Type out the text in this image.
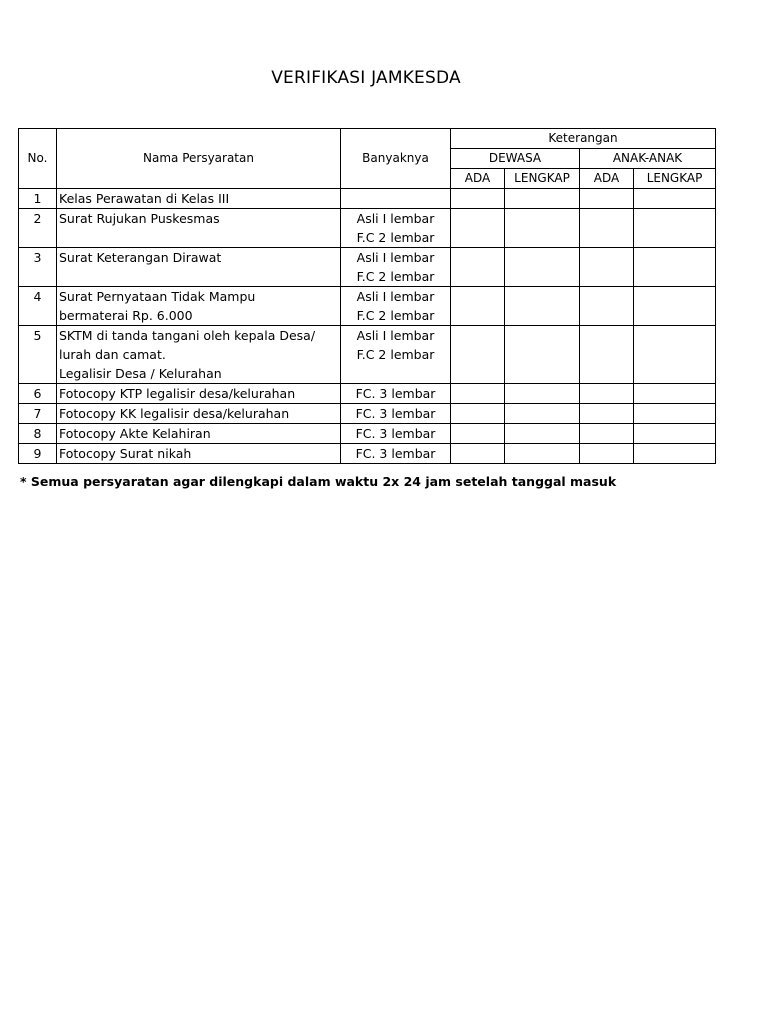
VERIFIKASI JAMKESDA
No.	Nama Persyaratan	Banyaknya	Keterangan			
			DEWASA		ANAK-ANAK	
			ADA	LENGKAP	ADA	LENGKAP
1	Kelas Perawatan di Kelas III					

2	Surat Rujukan Puskesmas	Asli I lembar
F.C 2 lembar				

3	Surat Keterangan Dirawat	Asli I lembar
F.C 2 lembar				

4	Surat Pernyataan Tidak Mampu
bermaterai Rp. 6.000	Asli I lembar
F.C 2 lembar				

5	SKTM di tanda tangani oleh kepala Desa/
lurah dan camat.
Legalisir Desa / Kelurahan	Asli I lembar
F.C 2 lembar				

6	Fotocopy KTP legalisir desa/kelurahan	FC. 3 lembar				

7	Fotocopy KK legalisir desa/kelurahan	FC. 3 lembar				

8	Fotocopy Akte Kelahiran	FC. 3 lembar				

9	Fotocopy Surat nikah	FC. 3 lembar				

* Semua persyaratan agar dilengkapi dalam waktu 2x 24 jam setelah tanggal masuk
